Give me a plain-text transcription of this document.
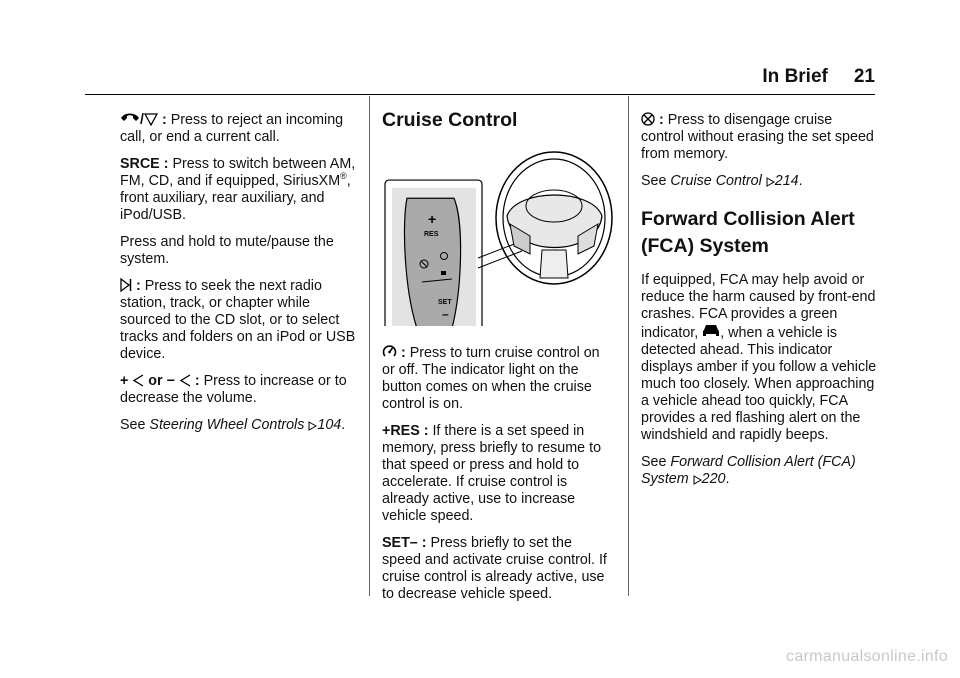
In Brief 21

/ : Press to reject an incoming call, or end a current call.

SRCE : Press to switch between AM, FM, CD, and if equipped, SiriusXM®, front auxiliary, rear auxiliary, and iPod/USB.

Press and hold to mute/pause the system.

: Press to seek the next radio station, track, or chapter while sourced to the CD slot, or to select tracks and folders on an iPod or USB device.

+  or −  : Press to increase or to decrease the volume.

See Steering Wheel Controls 104.

Cruise Control
+
RES
SET
–

: Press to turn cruise control on or off. The indicator light on the button comes on when the cruise control is on.

+RES : If there is a set speed in memory, press briefly to resume to that speed or press and hold to accelerate. If cruise control is already active, use to increase vehicle speed.

SET– : Press briefly to set the speed and activate cruise control. If cruise control is already active, use to decrease vehicle speed.

: Press to disengage cruise control without erasing the set speed from memory.

See Cruise Control 214.

Forward Collision Alert (FCA) System

If equipped, FCA may help avoid or reduce the harm caused by front-end crashes. FCA provides a green indicator, , when a vehicle is detected ahead. This indicator displays amber if you follow a vehicle much too closely. When approaching a vehicle ahead too quickly, FCA provides a red flashing alert on the windshield and rapidly beeps.

See Forward Collision Alert (FCA) System 220.

carmanualsonline.info
